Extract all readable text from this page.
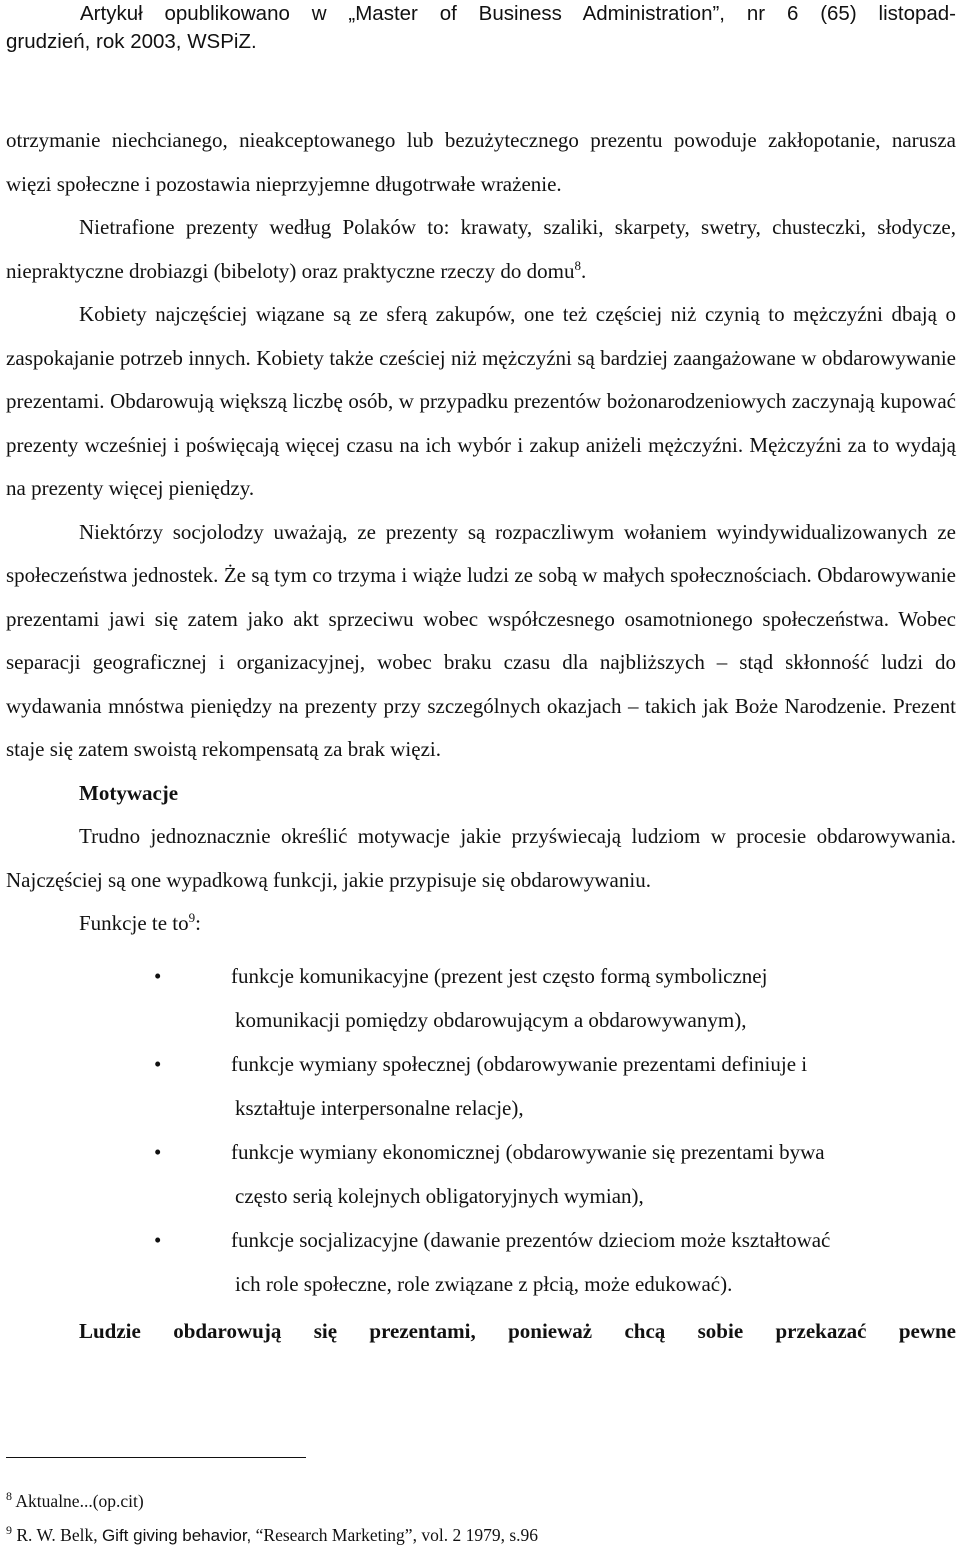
Artykuł opublikowano w „Master of Business Administration”, nr 6 (65) listopad-
grudzień, rok 2003, WSPiZ.

otrzymanie niechcianego, nieakceptowanego lub bezużytecznego prezentu powoduje zakłopotanie, narusza więzi społeczne i pozostawia nieprzyjemne długotrwałe wrażenie.

Nietrafione prezenty według Polaków to: krawaty, szaliki, skarpety, swetry, chusteczki, słodycze, niepraktyczne drobiazgi (bibeloty) oraz praktyczne rzeczy do domu$^8$.

Kobiety najczęściej wiązane są ze sferą zakupów, one też częściej niż czynią to mężczyźni dbają o zaspokajanie potrzeb innych. Kobiety także cześciej niż mężczyźni są bardziej zaangażowane w obdarowywanie prezentami. Obdarowują większą liczbę osób, w przypadku prezentów bożonarodzeniowych zaczynają kupować prezenty wcześniej i poświęcają więcej czasu na ich wybór i zakup aniżeli mężczyźni. Mężczyźni za to wydają na prezenty więcej pieniędzy.

Niektórzy socjolodzy uważają, ze prezenty są rozpaczliwym wołaniem wyindywidualizowanych ze społeczeństwa jednostek. Że są tym co trzyma i wiąże ludzi ze sobą w małych społecznościach. Obdarowywanie prezentami jawi się zatem jako akt sprzeciwu wobec współczesnego osamotnionego społeczeństwa. Wobec separacji geograficznej i organizacyjnej, wobec braku czasu dla najbliższych – stąd skłonność ludzi do wydawania mnóstwa pieniędzy na prezenty przy szczególnych okazjach – takich jak Boże Narodzenie. Prezent staje się zatem swoistą rekompensatą za brak więzi.

Motywacje

Trudno jednoznacznie określić motywacje jakie przyświecają ludziom w procesie obdarowywania. Najczęściej są one wypadkową funkcji, jakie przypisuje się obdarowywaniu.

Funkcje te $to^9$:

•	funkcje komunikacyjne (prezent jest często formą symbolicznej
komunikacji pomiędzy obdarowującym a obdarowywanym),
•	funkcje wymiany społecznej (obdarowywanie prezentami definiuje i
kształtuje interpersonalne relacje),
•	funkcje wymiany ekonomicznej (obdarowywanie się prezentami bywa
często serią kolejnych obligatoryjnych wymian),
•	funkcje socjalizacyjne (dawanie prezentów dzieciom może kształtować
ich role społeczne, role związane z płcią, może edukować).

Ludzie obdarowują się prezentami, ponieważ chcą sobie przekazać pewne

$^8$ Aktualne...(op.cit)
$^9$ R. W. Belk, Gift giving behavior, “Research Marketing”, vol. 2 1979, s.96
